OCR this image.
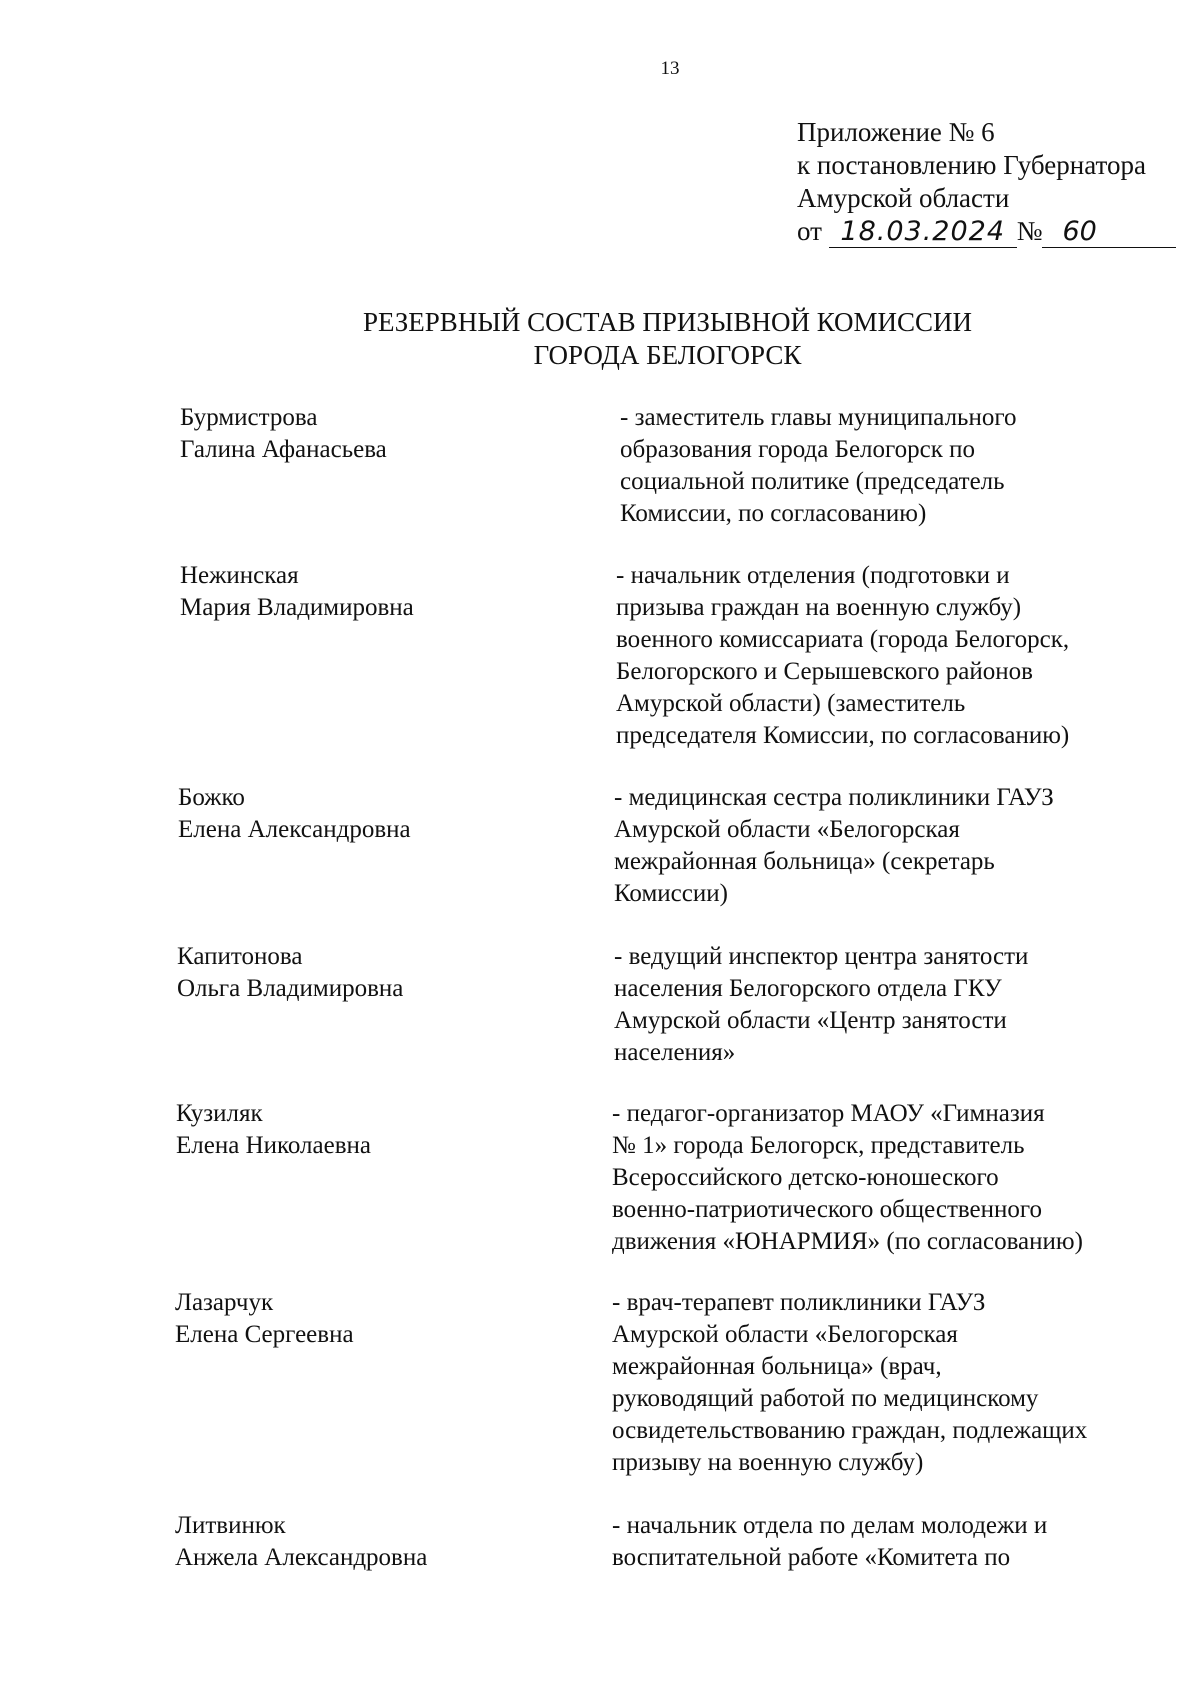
13
Приложение № 6
к постановлению Губернатора
Амурской области
от 18.03.2024 № 60
РЕЗЕРВНЫЙ СОСТАВ ПРИЗЫВНОЙ КОМИССИИ
ГОРОДА БЕЛОГОРСК
Бурмистрова
Галина Афанасьева
- заместитель главы муниципального
образования города Белогорск по
социальной политике (председатель
Комиссии, по согласованию)
Нежинская
Мария Владимировна
- начальник отделения (подготовки и
призыва граждан на военную службу)
военного комиссариата (города Белогорск,
Белогорского и Серышевского районов
Амурской области) (заместитель
председателя Комиссии, по согласованию)
Божко
Елена Александровна
- медицинская сестра поликлиники ГАУЗ
Амурской области «Белогорская
межрайонная больница» (секретарь
Комиссии)
Капитонова
Ольга Владимировна
- ведущий инспектор центра занятости
населения Белогорского отдела ГКУ
Амурской области «Центр занятости
населения»
Кузиляк
Елена Николаевна
- педагог-организатор МАОУ «Гимназия
№ 1» города Белогорск, представитель
Всероссийского детско-юношеского
военно-патриотического общественного
движения «ЮНАРМИЯ» (по согласованию)
Лазарчук
Елена Сергеевна
- врач-терапевт поликлиники ГАУЗ
Амурской области «Белогорская
межрайонная больница» (врач,
руководящий работой по медицинскому
освидетельствованию граждан, подлежащих
призыву на военную службу)
Литвинюк
Анжела Александровна
- начальник отдела по делам молодежи и
воспитательной работе «Комитета по
